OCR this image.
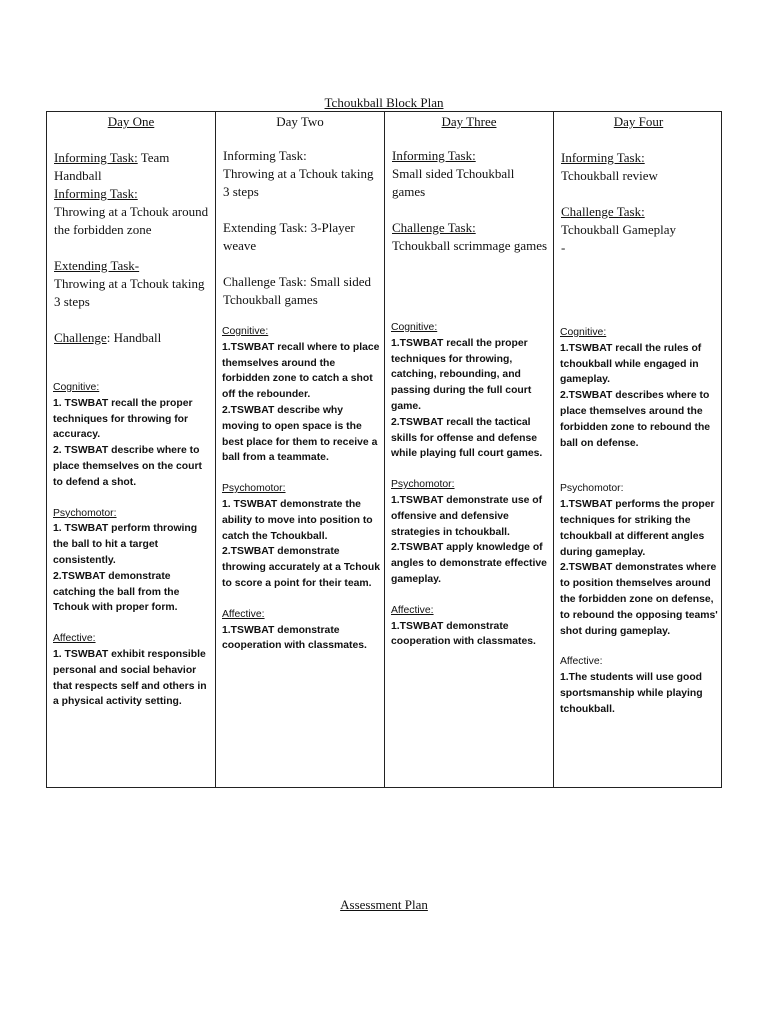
Tchoukball Block Plan
Day One

Informing Task: Team Handball

Informing Task:

Throwing at a Tchouk around the forbidden zone

Extending Task-

Throwing at a Tchouk taking 3 steps

Challenge: Handball

Cognitive:

1. TSWBAT recall the proper techniques for throwing for accuracy.

2. TSWBAT describe where to place themselves on the court to defend a shot.

Psychomotor:

1. TSWBAT perform throwing the ball to hit a target consistently.

2.TSWBAT demonstrate catching the ball from the Tchouk with proper form.

Affective:

1. TSWBAT exhibit responsible personal and social behavior that respects self and others in a physical activity setting.

Day Two

Informing Task:

Throwing at a Tchouk taking 3 steps

Extending Task: 3-Player weave

Challenge Task: Small sided Tchoukball games

Cognitive:

1.TSWBAT recall where to place themselves around the forbidden zone to catch a shot off the rebounder.

2.TSWBAT describe why moving to open space is the best place for them to receive a ball from a teammate.

Psychomotor:

1. TSWBAT demonstrate the ability to move into position to catch the Tchoukball.

2.TSWBAT demonstrate throwing accurately at a Tchouk to score a point for their team.

Affective:

1.TSWBAT demonstrate cooperation with classmates.

Day Three

Informing Task:

Small sided Tchoukball games

Challenge Task:

Tchoukball scrimmage games

Cognitive:

1.TSWBAT recall the proper techniques for throwing, catching, rebounding, and passing during the full court game.

2.TSWBAT recall the tactical skills for offense and defense while playing full court games.

Psychomotor:

1.TSWBAT demonstrate use of offensive and defensive strategies in tchoukball.

2.TSWBAT apply knowledge of angles to demonstrate effective gameplay.

Affective:

1.TSWBAT demonstrate cooperation with classmates.

Day Four

Informing Task:

Tchoukball review

Challenge Task:

Tchoukball Gameplay

-

Cognitive:

1.TSWBAT recall the rules of tchoukball while engaged in gameplay.

2.TSWBAT describes where to place themselves around the forbidden zone to rebound the ball on defense.

Psychomotor:

1.TSWBAT performs the proper techniques for striking the tchoukball at different angles during gameplay.

2.TSWBAT demonstrates where to position themselves around the forbidden zone on defense, to rebound the opposing teams' shot during gameplay.

Affective:

1.The students will use good sportsmanship while playing tchoukball.

Assessment Plan
